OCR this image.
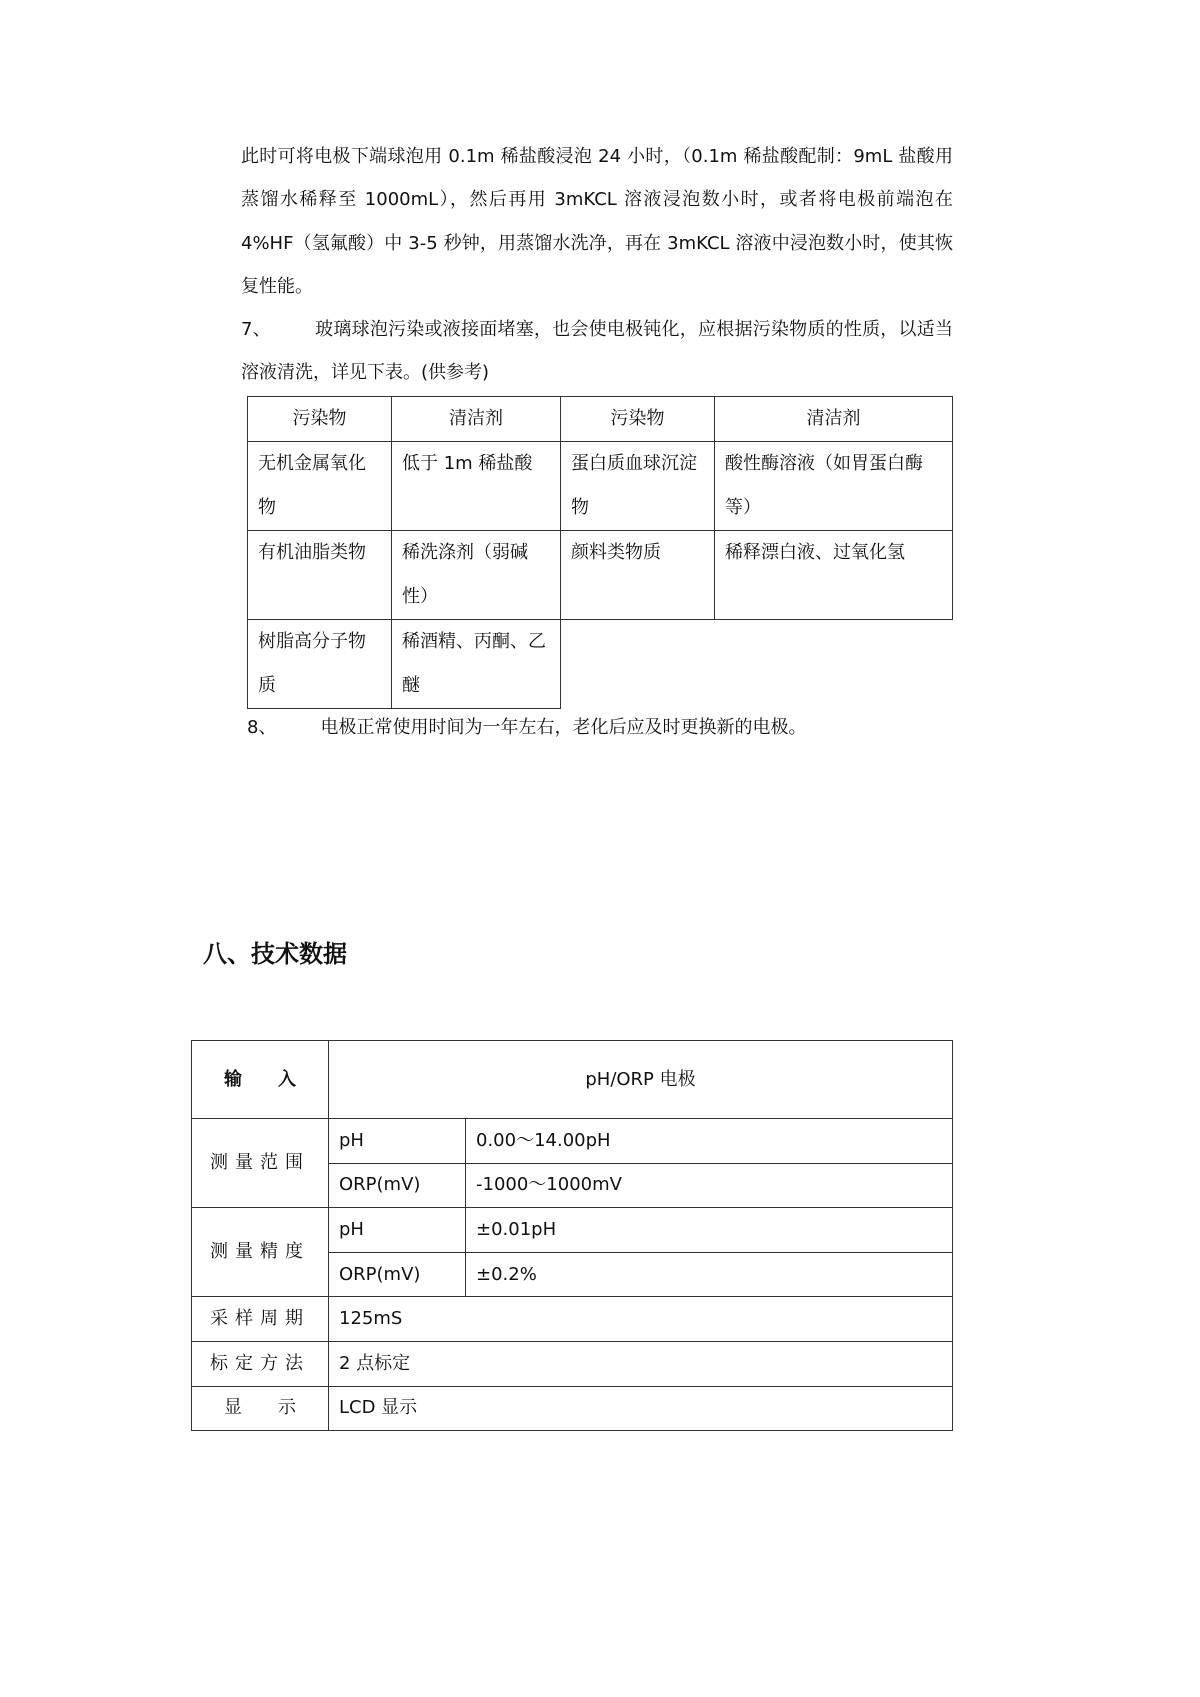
此时可将电极下端球泡用 0.1m 稀盐酸浸泡 24 小时，（0.1m 稀盐酸配制：9mL 盐酸用蒸馏水稀释至 1000mL），然后再用 3mKCL 溶液浸泡数小时，或者将电极前端泡在 4%HF（氢氟酸）中 3-5 秒钟，用蒸馏水洗净，再在 3mKCL 溶液中浸泡数小时，使其恢复性能。

7、 玻璃球泡污染或液接面堵塞，也会使电极钝化，应根据污染物质的性质，以适当溶液清洗，详见下表。(供参考)

污染物	清洁剂	污染物	清洁剂
无机金属氧化物	低于 1m 稀盐酸	蛋白质血球沉淀物	酸性酶溶液（如胃蛋白酶等）
有机油脂类物	稀洗涤剂（弱碱性）	颜料类物质	稀释漂白液、过氧化氢
树脂高分子物质	稀酒精、丙酮、乙醚		
8、 电极正常使用时间为一年左右，老化后应及时更换新的电极。
八、技术数据
输　　入	pH/ORP 电极	
测量范围	pH	0.00～14.00pH
	ORP(mV)	-1000～1000mV
测量精度	pH	±0.01pH
	ORP(mV)	±0.2%
采样周期	125mS	
标定方法	2 点标定	
显　　示	LCD 显示	
